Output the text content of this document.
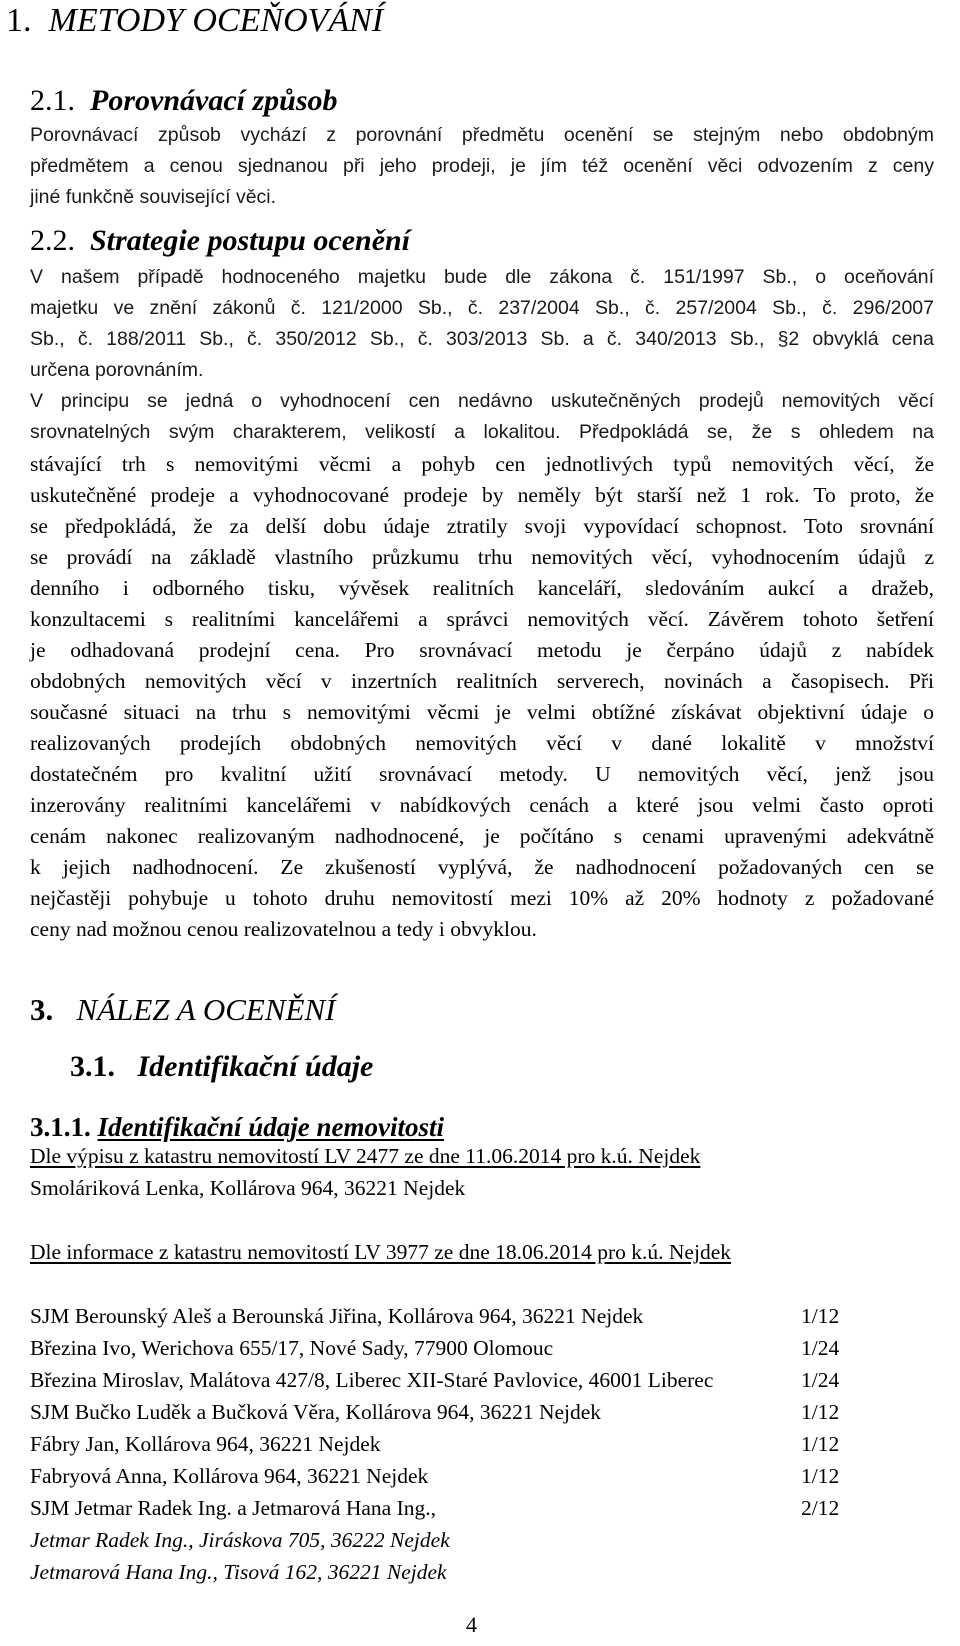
1. METODY OCEŇOVÁNÍ
2.1. Porovnávací způsob
Porovnávací způsob vychází z porovnání předmětu ocenění se stejným nebo obdobným
předmětem a cenou sjednanou při jeho prodeji, je jím též ocenění věci odvozením z ceny
jiné funkčně související věci.
2.2. Strategie postupu ocenění
V našem případě hodnoceného majetku bude dle zákona č. 151/1997 Sb., o oceňování
majetku ve znění zákonů č. 121/2000 Sb., č. 237/2004 Sb., č. 257/2004 Sb., č. 296/2007
Sb., č. 188/2011 Sb., č. 350/2012 Sb., č. 303/2013 Sb. a č. 340/2013 Sb., §2 obvyklá cena
určena porovnáním.
V principu se jedná o vyhodnocení cen nedávno uskutečněných prodejů nemovitých věcí
srovnatelných svým charakterem, velikostí a lokalitou. Předpokládá se, že s ohledem na
stávající trh s nemovitými věcmi a pohyb cen jednotlivých typů nemovitých věcí, že
uskutečněné prodeje a vyhodnocované prodeje by neměly být starší než 1 rok. To proto, že
se předpokládá, že za delší dobu údaje ztratily svoji vypovídací schopnost. Toto srovnání
se provádí na základě vlastního průzkumu trhu nemovitých věcí, vyhodnocením údajů z
denního i odborného tisku, vývěsek realitních kanceláří, sledováním aukcí a dražeb,
konzultacemi s realitními kancelářemi a správci nemovitých věcí. Závěrem tohoto šetření
je odhadovaná prodejní cena. Pro srovnávací metodu je čerpáno údajů z nabídek
obdobných nemovitých věcí v inzertních realitních serverech, novinách a časopisech. Při
současné situaci na trhu s nemovitými věcmi je velmi obtížné získávat objektivní údaje o
realizovaných prodejích obdobných nemovitých věcí v dané lokalitě v množství
dostatečném pro kvalitní užití srovnávací metody. U nemovitých věcí, jenž jsou
inzerovány realitními kancelářemi v nabídkových cenách a které jsou velmi často oproti
cenám nakonec realizovaným nadhodnocené, je počítáno s cenami upravenými adekvátně
k jejich nadhodnocení. Ze zkušeností vyplývá, že nadhodnocení požadovaných cen se
nejčastěji pohybuje u tohoto druhu nemovitostí mezi 10% až 20% hodnoty z požadované
ceny nad možnou cenou realizovatelnou a tedy i obvyklou.
3. NÁLEZ A OCENĚNÍ
3.1. Identifikační údaje
3.1.1. Identifikační údaje nemovitosti
Dle výpisu z katastru nemovitostí LV 2477 ze dne 11.06.2014 pro k.ú. Nejdek
Smoláriková Lenka, Kollárova 964, 36221 Nejdek
Dle informace z katastru nemovitostí LV 3977 ze dne 18.06.2014 pro k.ú. Nejdek
SJM Berounský Aleš a Berounská Jiřina, Kollárova 964, 36221 Nejdek	1/12
Březina Ivo, Werichova 655/17, Nové Sady, 77900 Olomouc	1/24
Březina Miroslav, Malátova 427/8, Liberec XII-Staré Pavlovice, 46001 Liberec	1/24
SJM Bučko Luděk a Bučková Věra, Kollárova 964, 36221 Nejdek	1/12
Fábry Jan, Kollárova 964, 36221 Nejdek	1/12
Fabryová Anna, Kollárova 964, 36221 Nejdek	1/12
SJM Jetmar Radek Ing. a Jetmarová Hana Ing.,	2/12
Jetmar Radek Ing., Jiráskova 705, 36222 Nejdek
Jetmarová Hana Ing., Tisová 162, 36221 Nejdek
4
